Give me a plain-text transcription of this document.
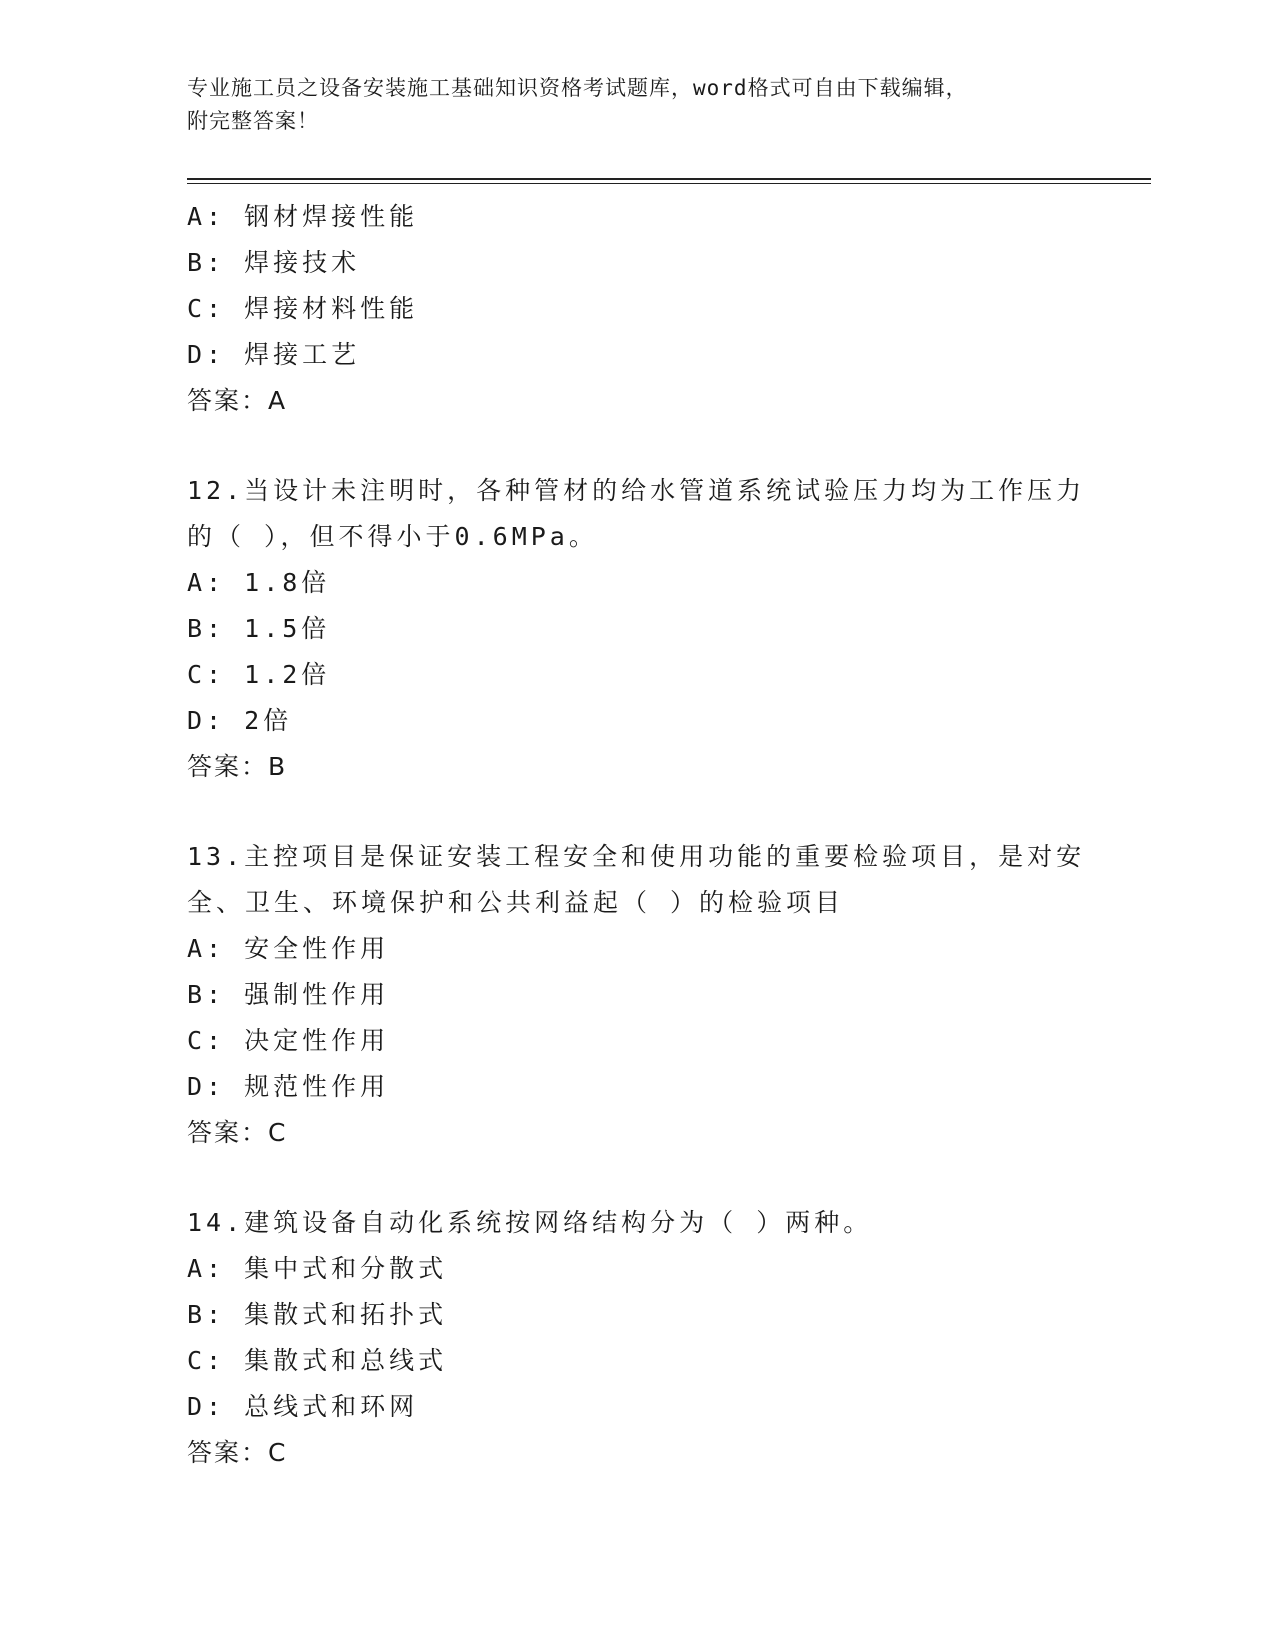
专业施工员之设备安装施工基础知识资格考试题库，word格式可自由下载编辑，
附完整答案！
A: 钢材焊接性能
B: 焊接技术
C: 焊接材料性能
D: 焊接工艺
答案：A
12.当设计未注明时，各种管材的给水管道系统试验压力均为工作压力
的（ ），但不得小于0.6MPa。
A: 1.8倍
B: 1.5倍
C: 1.2倍
D: 2倍
答案：B
13.主控项目是保证安装工程安全和使用功能的重要检验项目，是对安
全、卫生、环境保护和公共利益起（ ）的检验项目
A: 安全性作用
B: 强制性作用
C: 决定性作用
D: 规范性作用
答案：C
14.建筑设备自动化系统按网络结构分为（ ）两种。
A: 集中式和分散式
B: 集散式和拓扑式
C: 集散式和总线式
D: 总线式和环网
答案：C
